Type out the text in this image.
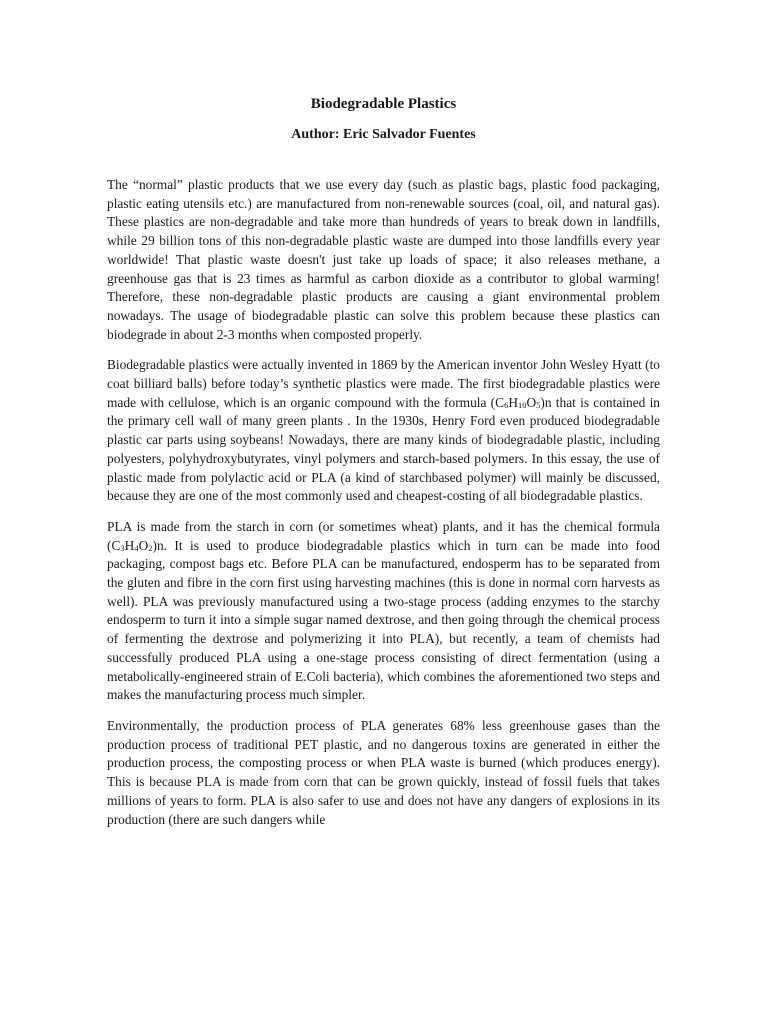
Biodegradable Plastics
Author: Eric Salvador Fuentes

The “normal” plastic products that we use every day (such as plastic bags, plastic food packaging, plastic eating utensils etc.) are manufactured from non-renewable sources (coal, oil, and natural gas). These plastics are non-degradable and take more than hundreds of years to break down in landfills, while 29 billion tons of this non-degradable plastic waste are dumped into those landfills every year worldwide! That plastic waste doesn't just take up loads of space; it also releases methane, a greenhouse gas that is 23 times as harmful as carbon dioxide as a contributor to global warming! Therefore, these non-degradable plastic products are causing a giant environmental problem nowadays. The usage of biodegradable plastic can solve this problem because these plastics can biodegrade in about 2-3 months when composted properly.

Biodegradable plastics were actually invented in 1869 by the American inventor John Wesley Hyatt (to coat billiard balls) before today’s synthetic plastics were made. The first biodegradable plastics were made with cellulose, which is an organic compound with the formula $(C_6H_{10}O_5)n$ that is contained in the primary cell wall of many green plants . In the 1930s, Henry Ford even produced biodegradable plastic car parts using soybeans! Nowadays, there are many kinds of biodegradable plastic, including polyesters, polyhydroxybutyrates, vinyl polymers and starch-based polymers. In this essay, the use of plastic made from polylactic acid or PLA (a kind of starchbased polymer) will mainly be discussed, because they are one of the most commonly used and cheapest-costing of all biodegradable plastics.

PLA is made from the starch in corn (or sometimes wheat) plants, and it has the chemical formula $(C_3H_4O_2)n$. It is used to produce biodegradable plastics which in turn can be made into food packaging, compost bags etc. Before PLA can be manufactured, endosperm has to be separated from the gluten and fibre in the corn first using harvesting machines (this is done in normal corn harvests as well). PLA was previously manufactured using a two-stage process (adding enzymes to the starchy endosperm to turn it into a simple sugar named dextrose, and then going through the chemical process of fermenting the dextrose and polymerizing it into PLA), but recently, a team of chemists had successfully produced PLA using a one-stage process consisting of direct fermentation (using a metabolically-engineered strain of E.Coli bacteria), which combines the aforementioned two steps and makes the manufacturing process much simpler.

Environmentally, the production process of PLA generates 68% less greenhouse gases than the production process of traditional PET plastic, and no dangerous toxins are generated in either the production process, the composting process or when PLA waste is burned (which produces energy). This is because PLA is made from corn that can be grown quickly, instead of fossil fuels that takes millions of years to form. PLA is also safer to use and does not have any dangers of explosions in its production (there are such dangers while
